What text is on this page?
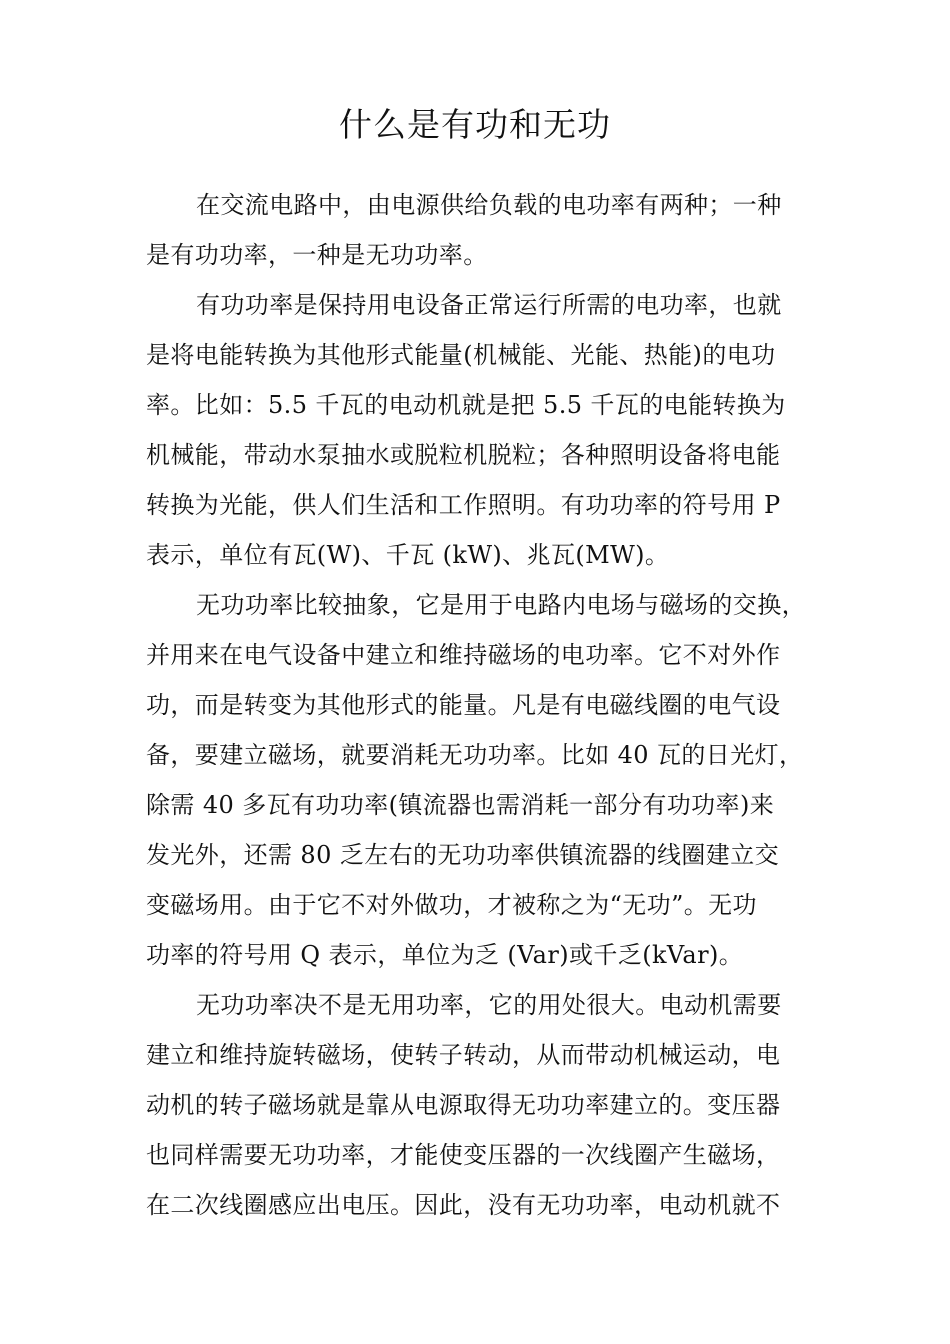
什么是有功和无功

在交流电路中，由电源供给负载的电功率有两种；一种
是有功功率，一种是无功功率。

有功功率是保持用电设备正常运行所需的电功率，也就
是将电能转换为其他形式能量(机械能、光能、热能)的电功
率。比如：5.5 千瓦的电动机就是把 5.5 千瓦的电能转换为
机械能，带动水泵抽水或脱粒机脱粒；各种照明设备将电能
转换为光能，供人们生活和工作照明。有功功率的符号用 P
表示，单位有瓦(W)、千瓦 (kW)、兆瓦(MW)。

无功功率比较抽象，它是用于电路内电场与磁场的交换，
并用来在电气设备中建立和维持磁场的电功率。它不对外作
功，而是转变为其他形式的能量。凡是有电磁线圈的电气设
备，要建立磁场，就要消耗无功功率。比如 40 瓦的日光灯，
除需 40 多瓦有功功率(镇流器也需消耗一部分有功功率)来
发光外，还需 80 乏左右的无功功率供镇流器的线圈建立交
变磁场用。由于它不对外做功，才被称之为“无功”。无功
功率的符号用 Q 表示，单位为乏 (Var)或千乏(kVar)。

无功功率决不是无用功率，它的用处很大。电动机需要
建立和维持旋转磁场，使转子转动，从而带动机械运动，电
动机的转子磁场就是靠从电源取得无功功率建立的。变压器
也同样需要无功功率，才能使变压器的一次线圈产生磁场，
在二次线圈感应出电压。因此，没有无功功率，电动机就不
